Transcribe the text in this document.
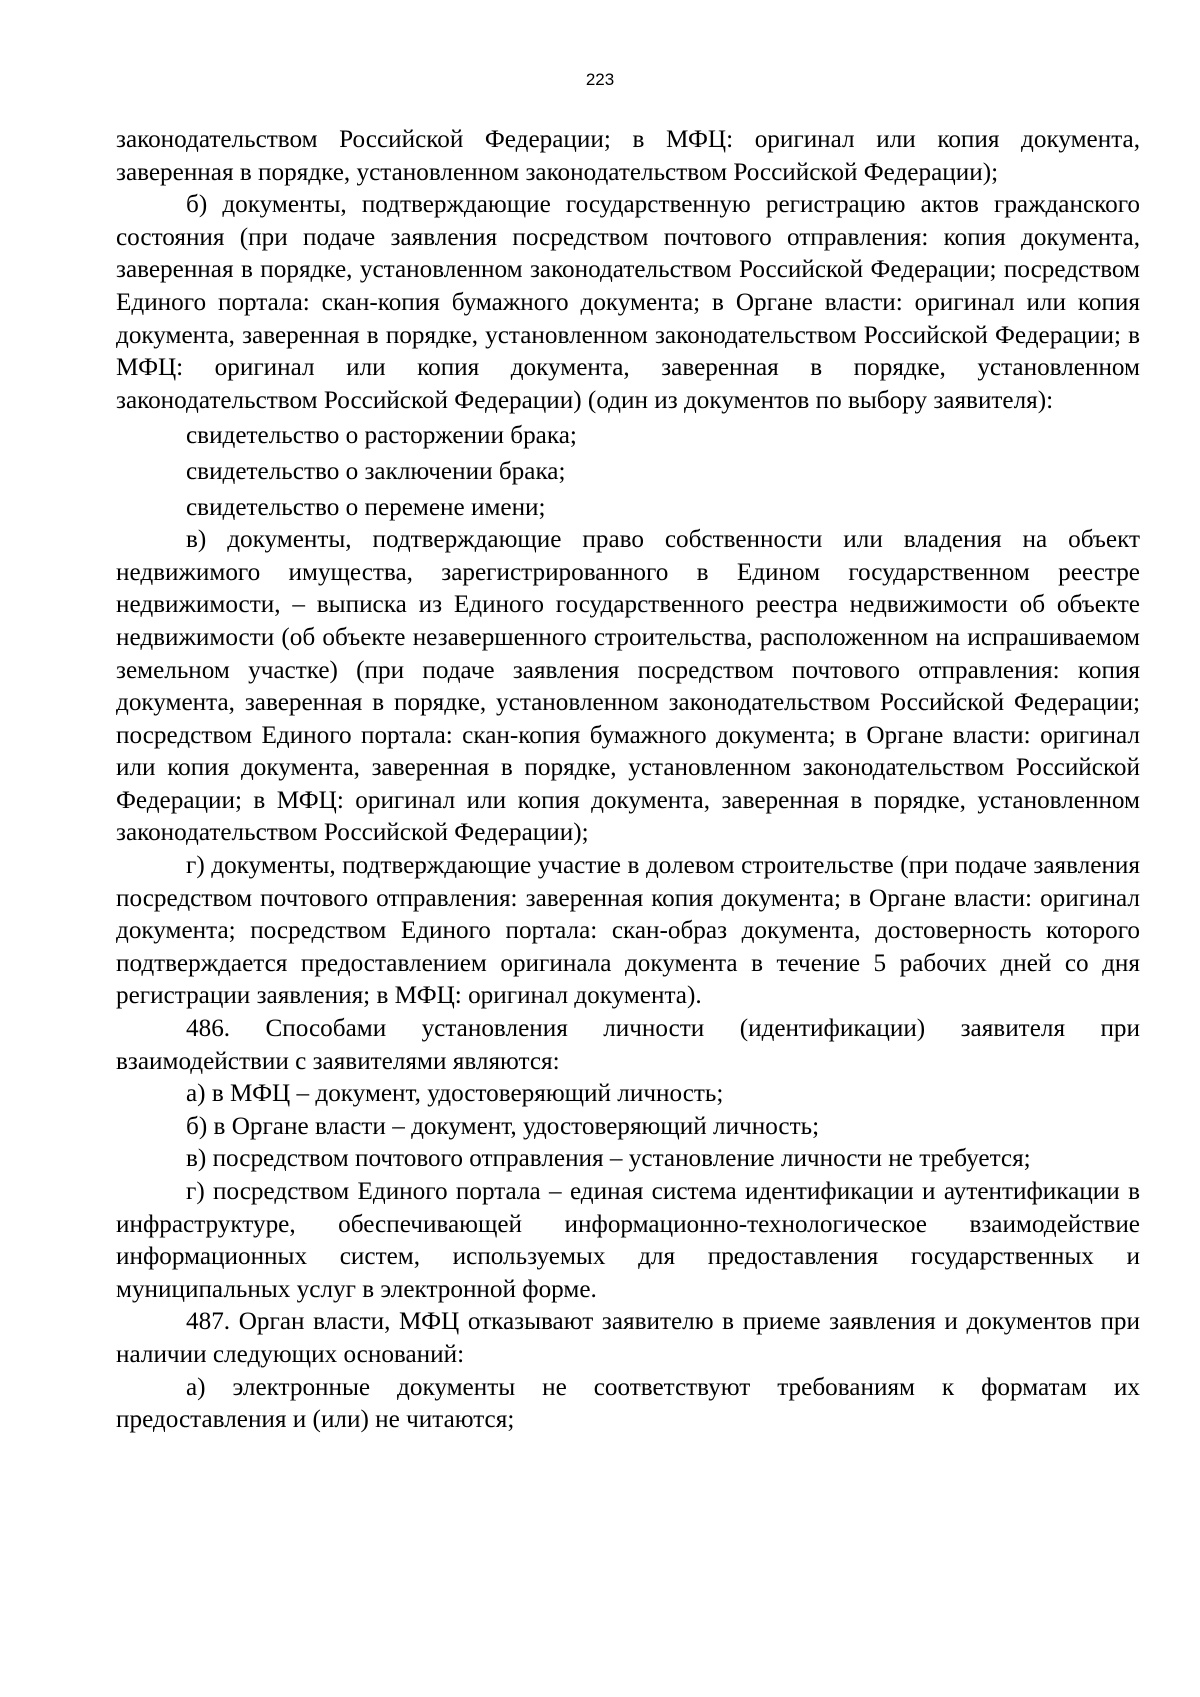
223

законодательством Российской Федерации; в МФЦ: оригинал или копия документа, заверенная в порядке, установленном законодательством Российской Федерации);

б) документы, подтверждающие государственную регистрацию актов гражданского состояния (при подаче заявления посредством почтового отправления: копия документа, заверенная в порядке, установленном законодательством Российской Федерации; посредством Единого портала: скан-копия бумажного документа; в Органе власти: оригинал или копия документа, заверенная в порядке, установленном законодательством Российской Федерации; в МФЦ: оригинал или копия документа, заверенная в порядке, установленном законодательством Российской Федерации) (один из документов по выбору заявителя):

свидетельство о расторжении брака;

свидетельство о заключении брака;

свидетельство о перемене имени;

в) документы, подтверждающие право собственности или владения на объект недвижимого имущества, зарегистрированного в Едином государственном реестре недвижимости, – выписка из Единого государственного реестра недвижимости об объекте недвижимости (об объекте незавершенного строительства, расположенном на испрашиваемом земельном участке) (при подаче заявления посредством почтового отправления: копия документа, заверенная в порядке, установленном законодательством Российской Федерации; посредством Единого портала: скан-копия бумажного документа; в Органе власти: оригинал или копия документа, заверенная в порядке, установленном законодательством Российской Федерации; в МФЦ: оригинал или копия документа, заверенная в порядке, установленном законодательством Российской Федерации);

г) документы, подтверждающие участие в долевом строительстве (при подаче заявления посредством почтового отправления: заверенная копия документа; в Органе власти: оригинал документа; посредством Единого портала: скан-образ документа, достоверность которого подтверждается предоставлением оригинала документа в течение 5 рабочих дней со дня регистрации заявления; в МФЦ: оригинал документа).

486. Способами установления личности (идентификации) заявителя при взаимодействии с заявителями являются:

а) в МФЦ – документ, удостоверяющий личность;

б) в Органе власти – документ, удостоверяющий личность;

в) посредством почтового отправления – установление личности не требуется;

г) посредством Единого портала – единая система идентификации и аутентификации в инфраструктуре, обеспечивающей информационно-технологическое взаимодействие информационных систем, используемых для предоставления государственных и муниципальных услуг в электронной форме.

487. Орган власти, МФЦ отказывают заявителю в приеме заявления и документов при наличии следующих оснований:

а) электронные документы не соответствуют требованиям к форматам их предоставления и (или) не читаются;
